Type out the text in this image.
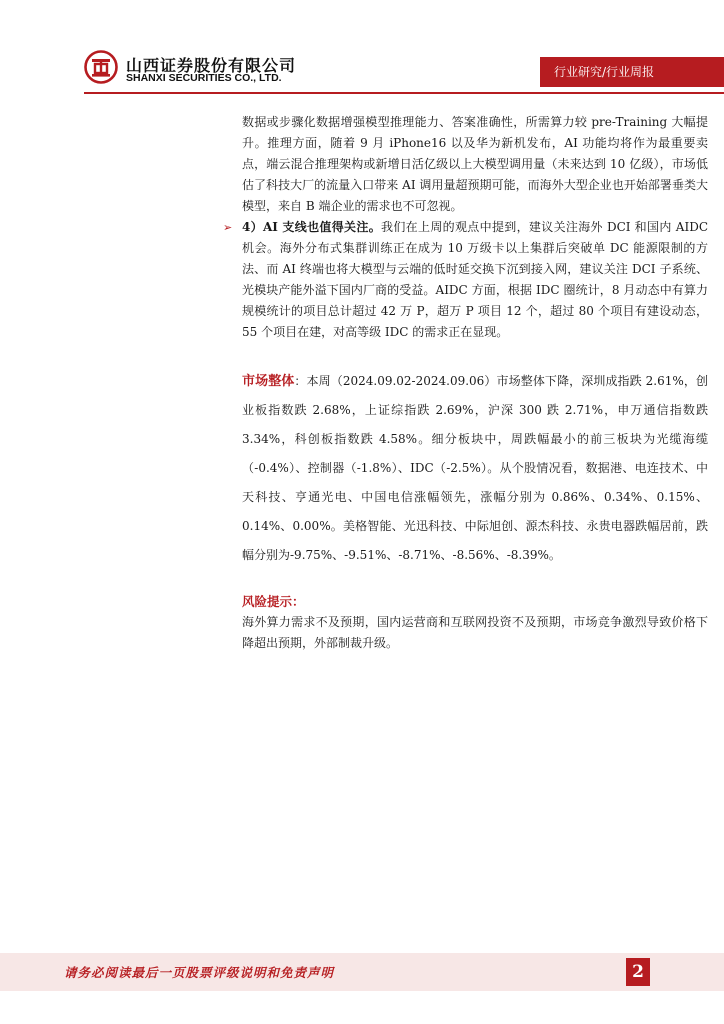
山西证券股份有限公司
SHANXI SECURITIES CO., LTD.	行业研究/行业周报

数据或步骤化数据增强模型推理能力、答案准确性，所需算力较 pre-Training 大幅提升。推理方面，随着 9 月 iPhone16 以及华为新机发布，AI 功能均将作为最重要卖点，端云混合推理架构或新增日活亿级以上大模型调用量（未来达到 10 亿级），市场低估了科技大厂的流量入口带来 AI 调用量超预期可能，而海外大型企业也开始部署垂类大模型，来自 B 端企业的需求也不可忽视。

➢ 4）AI 支线也值得关注。我们在上周的观点中提到，建议关注海外 DCI 和国内 AIDC 机会。海外分布式集群训练正在成为 10 万级卡以上集群后突破单 DC 能源限制的方法、而 AI 终端也将大模型与云端的低时延交换下沉到接入网，建议关注 DCI 子系统、光模块产能外溢下国内厂商的受益。AIDC 方面，根据 IDC 圈统计，8 月动态中有算力规模统计的项目总计超过 42 万 P，超万 P 项目 12 个，超过 80 个项目有建设动态，55 个项目在建，对高等级 IDC 的需求正在显现。

市场整体：本周（2024.09.02-2024.09.06）市场整体下降，深圳成指跌 2.61%，创业板指数跌 2.68%，上证综指跌 2.69%，沪深 300 跌 2.71%，申万通信指数跌 3.34%，科创板指数跌 4.58%。细分板块中，周跌幅最小的前三板块为光缆海缆（-0.4%）、控制器（-1.8%）、IDC（-2.5%）。从个股情况看，数据港、电连技术、中天科技、亨通光电、中国电信涨幅领先，涨幅分别为 0.86%、0.34%、0.15%、0.14%、0.00%。美格智能、光迅科技、中际旭创、源杰科技、永贵电器跌幅居前，跌幅分别为-9.75%、-9.51%、-8.71%、-8.56%、-8.39%。

风险提示：

海外算力需求不及预期，国内运营商和互联网投资不及预期，市场竞争激烈导致价格下降超出预期，外部制裁升级。

请务必阅读最后一页股票评级说明和免责声明	2
